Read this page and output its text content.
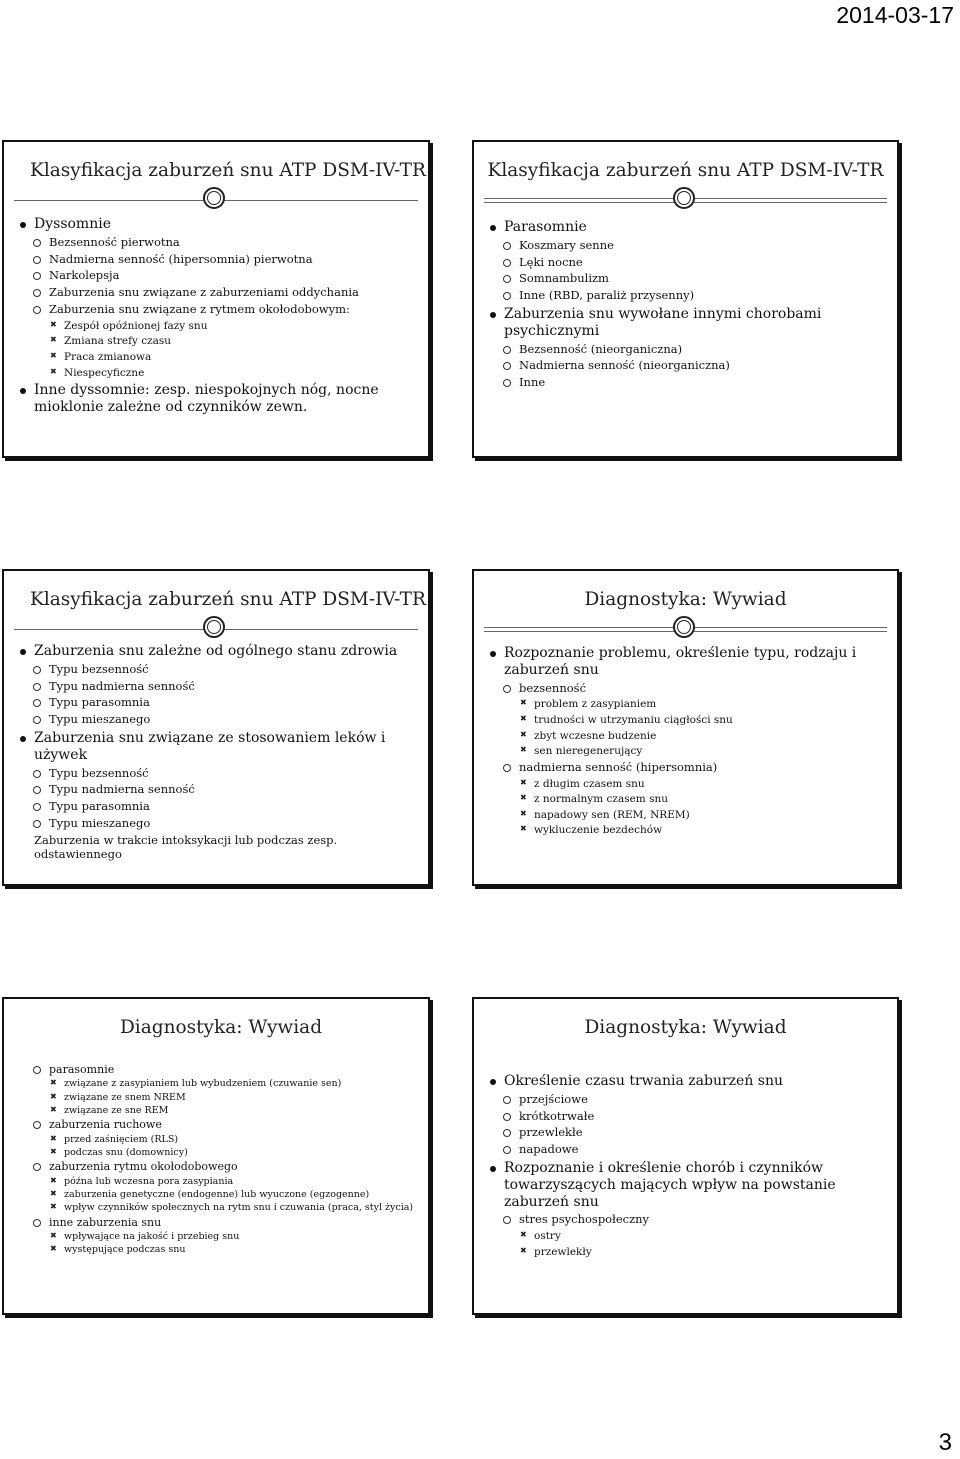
2014-03-17
Klasyfikacja zaburzeń snu ATP DSM-IV-TR
Dyssomnie
Bezsenność pierwotna
Nadmierna senność (hipersomnia) pierwotna
Narkolepsja
Zaburzenia snu związane z zaburzeniami oddychania
Zaburzenia snu związane z rytmem okołodobowym:
✖ Zespół opóźnionej fazy snu
✖ Zmiana strefy czasu
✖ Praca zmianowa
✖ Niespecyficzne
Inne dyssomnie: zesp. niespokojnych nóg, nocne mioklonie zależne od czynników zewn.
Klasyfikacja zaburzeń snu ATP DSM-IV-TR
Parasomnie
Koszmary senne
Lęki nocne
Somnambulizm
Inne (RBD, paraliż przysenny)
Zaburzenia snu wywołane innymi chorobami psychicznymi
Bezsenność (nieorganiczna)
Nadmierna senność (nieorganiczna)
Inne
Klasyfikacja zaburzeń snu ATP DSM-IV-TR
Zaburzenia snu zależne od ogólnego stanu zdrowia
Typu bezsenność
Typu nadmierna senność
Typu parasomnia
Typu mieszanego
Zaburzenia snu związane ze stosowaniem leków i używek
Typu bezsenność
Typu nadmierna senność
Typu parasomnia
Typu mieszanego
Zaburzenia w trakcie intoksykacji lub podczas zesp. odstawiennego
Diagnostyka: Wywiad
Rozpoznanie problemu, określenie typu, rodzaju i zaburzeń snu
bezsenność
✖ problem z zasypianiem
✖ trudności w utrzymaniu ciągłości snu
✖ zbyt wczesne budzenie
✖ sen nieregenerujący
nadmierna senność (hipersomnia)
✖ z długim czasem snu
✖ z normalnym czasem snu
✖ napadowy sen (REM, NREM)
✖ wykluczenie bezdechów
Diagnostyka: Wywiad
parasomnie
✖ związane z zasypianiem lub wybudzeniem (czuwanie sen)
✖ związane ze snem NREM
✖ związane ze sne REM
zaburzenia ruchowe
✖ przed zaśnięciem (RLS)
✖ podczas snu (domownicy)
zaburzenia rytmu okołodobowego
✖ późna lub wczesna pora zasypiania
✖ zaburzenia genetyczne (endogenne) lub wyuczone (egzogenne)
✖ wpływ czynników społecznych na rytm snu i czuwania (praca, styl życia)
inne zaburzenia snu
✖ wpływające na jakość i przebieg snu
✖ występujące podczas snu
Diagnostyka: Wywiad
Określenie czasu trwania zaburzeń snu
przejściowe
krótkotrwałe
przewlekłe
napadowe
Rozpoznanie i określenie chorób i czynników towarzyszących mających wpływ na powstanie zaburzeń snu
stres psychospołeczny
✖ ostry
✖ przewlekły
3
